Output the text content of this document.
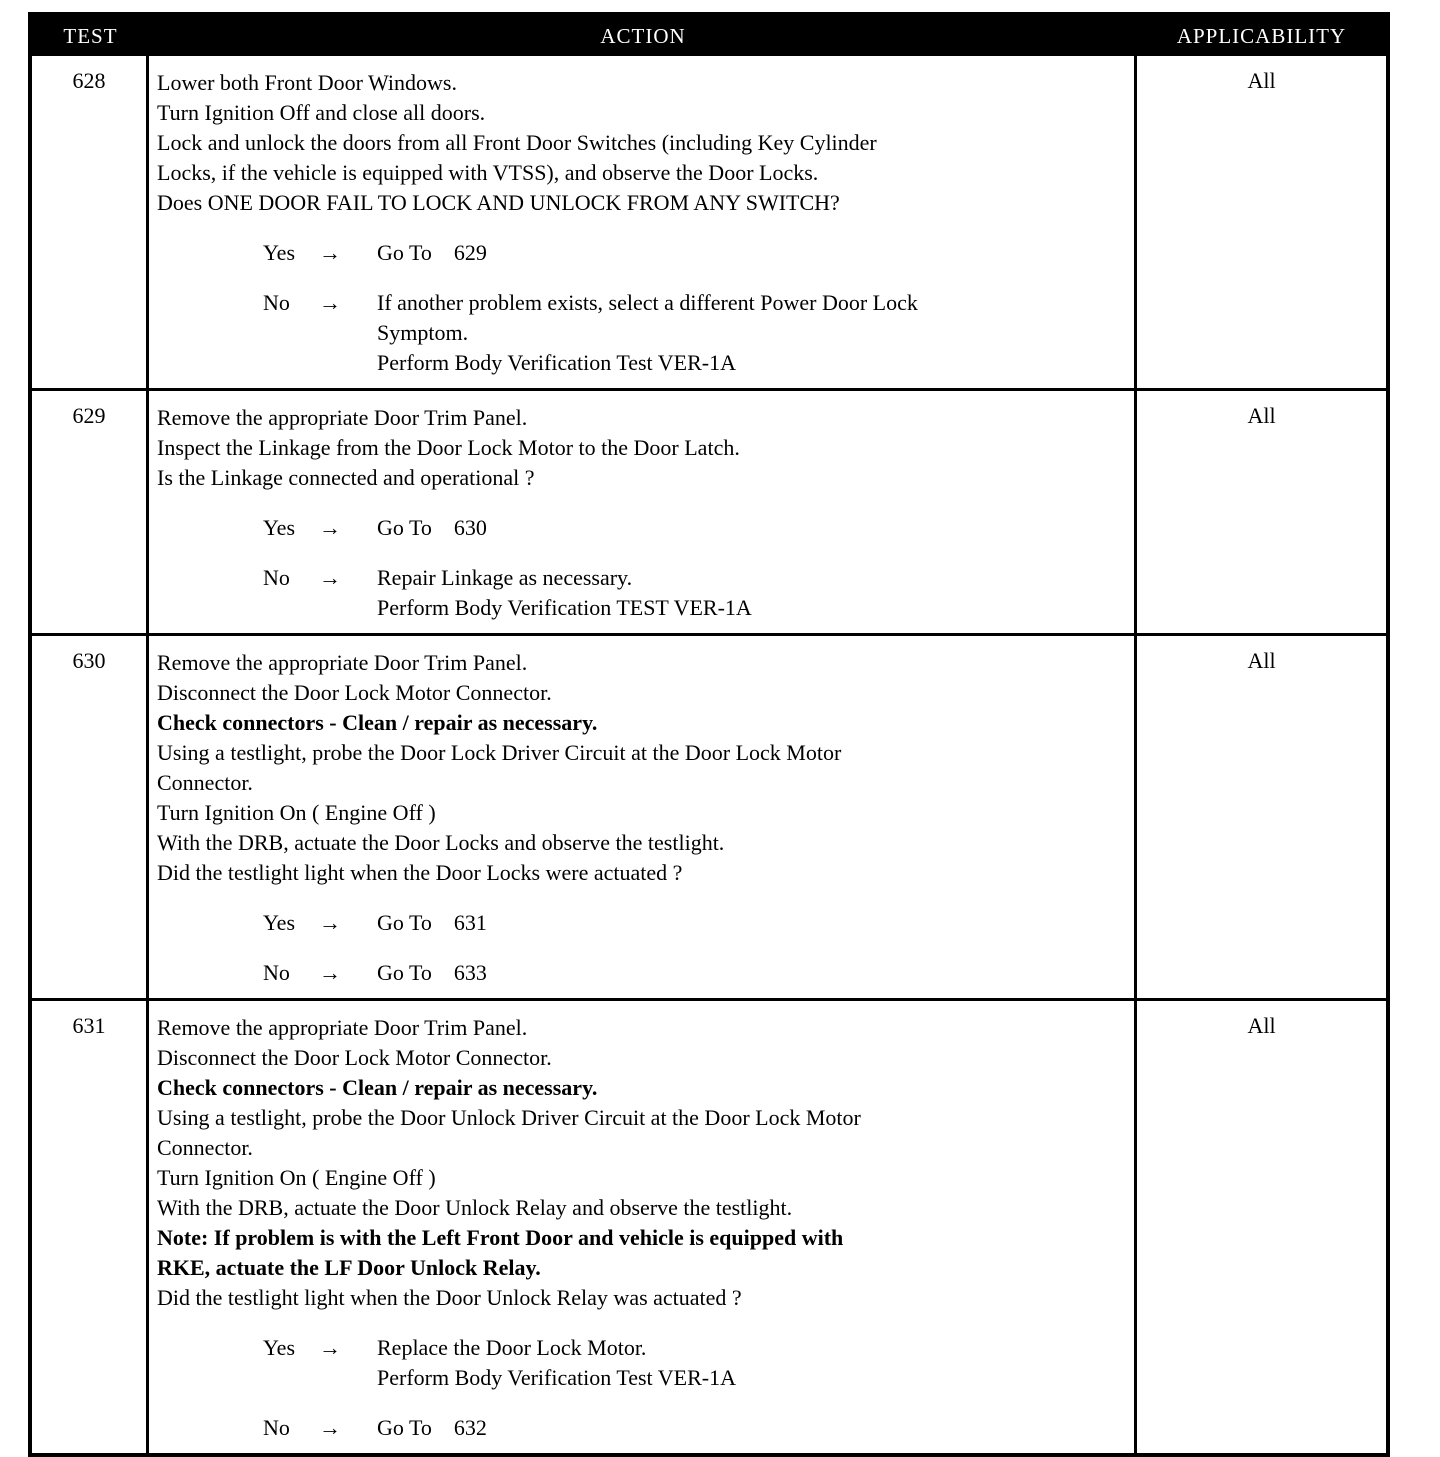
TEST	ACTION	APPLICABILITY
628	Lower both Front Door Windows.
Turn Ignition Off and close all doors.
Lock and unlock the doors from all Front Door Switches (including Key Cylinder
Locks, if the vehicle is equipped with VTSS), and observe the Door Locks.
Does ONE DOOR FAIL TO LOCK AND UNLOCK FROM ANY SWITCH?
Yes	→	Go To 629
No	→	If another problem exists, select a different Power Door Lock
Symptom.
Perform Body Verification Test VER-1A
All
629	Remove the appropriate Door Trim Panel.
Inspect the Linkage from the Door Lock Motor to the Door Latch.
Is the Linkage connected and operational ?
Yes	→	Go To 630
No	→	Repair Linkage as necessary.
Perform Body Verification TEST VER-1A
All
630	Remove the appropriate Door Trim Panel.
Disconnect the Door Lock Motor Connector.
Check connectors - Clean / repair as necessary.
Using a testlight, probe the Door Lock Driver Circuit at the Door Lock Motor
Connector.
Turn Ignition On ( Engine Off )
With the DRB, actuate the Door Locks and observe the testlight.
Did the testlight light when the Door Locks were actuated ?
Yes	→	Go To 631
No	→	Go To 633
All
631	Remove the appropriate Door Trim Panel.
Disconnect the Door Lock Motor Connector.
Check connectors - Clean / repair as necessary.
Using a testlight, probe the Door Unlock Driver Circuit at the Door Lock Motor
Connector.
Turn Ignition On ( Engine Off )
With the DRB, actuate the Door Unlock Relay and observe the testlight.
Note: If problem is with the Left Front Door and vehicle is equipped with
RKE, actuate the LF Door Unlock Relay.
Did the testlight light when the Door Unlock Relay was actuated ?
Yes	→	Replace the Door Lock Motor.
Perform Body Verification Test VER-1A
No	→	Go To 632
All
